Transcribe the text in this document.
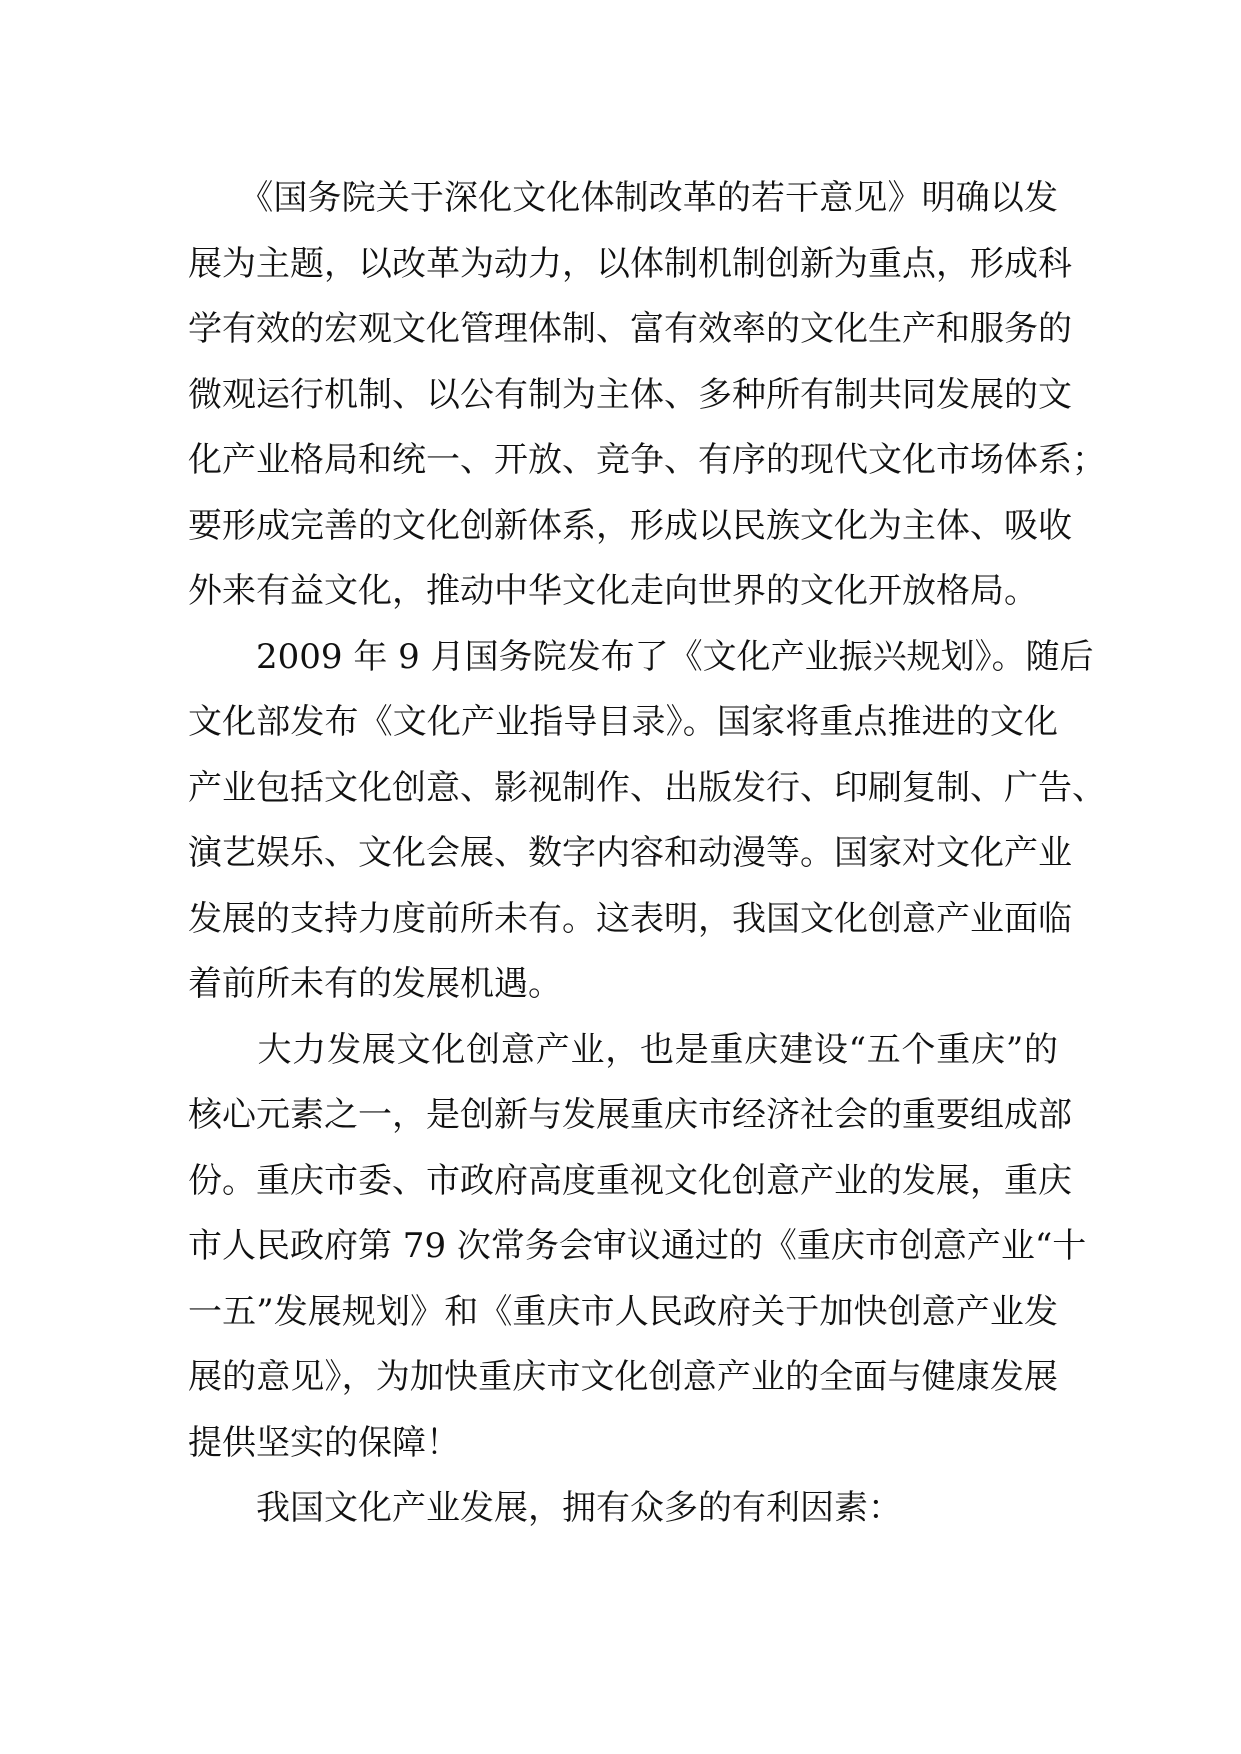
　　《国务院关于深化文化体制改革的若干意见》明确以发
展为主题，以改革为动力，以体制机制创新为重点，形成科
学有效的宏观文化管理体制、富有效率的文化生产和服务的
微观运行机制、以公有制为主体、多种所有制共同发展的文
化产业格局和统一、开放、竞争、有序的现代文化市场体系；
要形成完善的文化创新体系，形成以民族文化为主体、吸收
外来有益文化，推动中华文化走向世界的文化开放格局。
　　2009 年 9 月国务院发布了《文化产业振兴规划》。随后
文化部发布《文化产业指导目录》。国家将重点推进的文化
产业包括文化创意、影视制作、出版发行、印刷复制、广告、
演艺娱乐、文化会展、数字内容和动漫等。国家对文化产业
发展的支持力度前所未有。这表明，我国文化创意产业面临
着前所未有的发展机遇。
　　大力发展文化创意产业，也是重庆建设“五个重庆”的
核心元素之一，是创新与发展重庆市经济社会的重要组成部
份。重庆市委、市政府高度重视文化创意产业的发展，重庆
市人民政府第 79 次常务会审议通过的《重庆市创意产业“十
一五”发展规划》和《重庆市人民政府关于加快创意产业发
展的意见》，为加快重庆市文化创意产业的全面与健康发展
提供坚实的保障！
　　我国文化产业发展，拥有众多的有利因素：
